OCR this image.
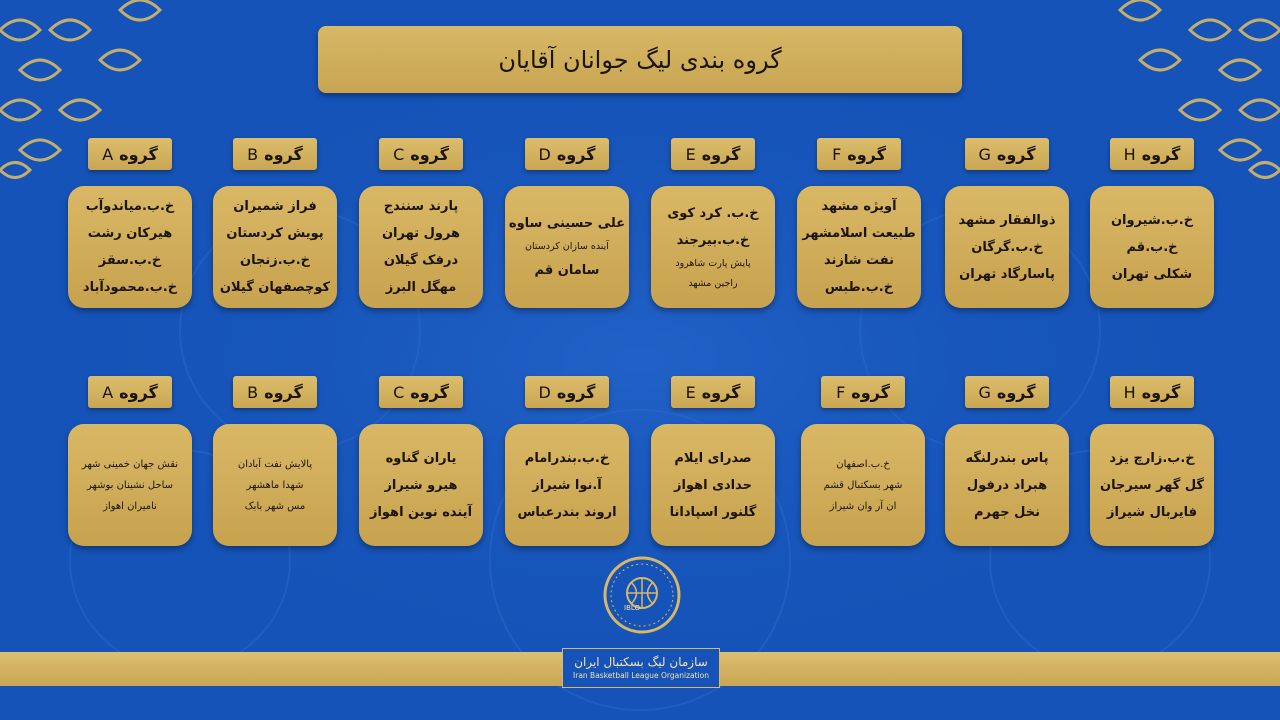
گروه بندی لیگ جوانان آقایان
A گروه
خ.ب.میاندوآب
هیرکان رشت
خ.ب.سقز
خ.ب.محمودآباد
B گروه
فراز شمیران
پویش کردستان
خ.ب.زنجان
کوچصفهان گیلان
C گروه
پارند سنندج
هرول تهران
درفک گیلان
مهگل البرز
D گروه
علی حسینی ساوه
آینده سازان کردستان
سامان قم
E گروه
خ.ب. کرد کوی
خ.ب.بیرجند
پایش پارت شاهرود
راجین مشهد
F گروه
آویژه مشهد
طبیعت اسلامشهر
نفت شازند
خ.ب.طبس
G گروه
ذوالفقار مشهد
خ.ب.گرگان
پاسارگاد تهران
H گروه
خ.ب.شیروان
خ.ب.قم
شکلی تهران
A گروه
نقش جهان خمینی شهر
ساحل نشینان بوشهر
نامیران اهواز
B گروه
پالایش نفت آبادان
شهدا ماهشهر
مس شهر بابک
C گروه
یاران گناوه
هیرو شیراز
آینده نوین اهواز
D گروه
خ.ب.بندرامام
آ.نوا شیراز
اروند بندرعباس
E گروه
صدرای ایلام
حدادی اهواز
گلنور اسپادانا
F گروه
خ.ب.اصفهان
شهر بسکتبال قشم
ان آر وان شیراز
G گروه
پاس بندرلنگه
هبراد درفول
نخل جهرم
H گروه
خ.ب.زارچ یزد
گل گهر سیرجان
فایربال شیراز
IBLO
سازمان لیگ بسکتبال ایران
Iran Basketball League Organization
